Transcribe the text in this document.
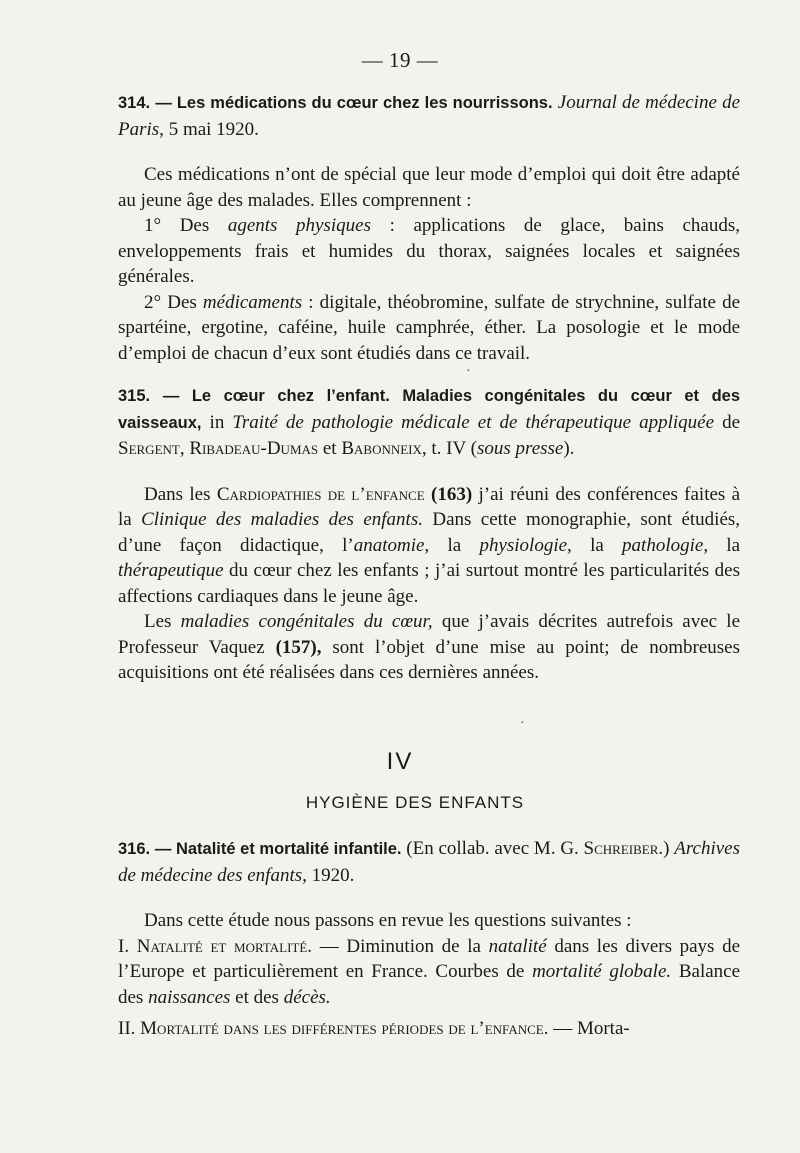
— 19 —

314. — Les médications du cœur chez les nourrissons. Journal de médecine de Paris, 5 mai 1920.

Ces médications n’ont de spécial que leur mode d’emploi qui doit être adapté au jeune âge des malades. Elles comprennent :

1° Des agents physiques : applications de glace, bains chauds, enveloppements frais et humides du thorax, saignées locales et saignées générales.

2° Des médicaments : digitale, théobromine, sulfate de strychnine, sulfate de spartéine, ergotine, caféine, huile camphrée, éther. La posologie et le mode d’emploi de chacun d’eux sont étudiés dans ce travail.

·

315. — Le cœur chez l’enfant. Maladies congénitales du cœur et des vaisseaux, in Traité de pathologie médicale et de thérapeutique appliquée de Sergent, Ribadeau-Dumas et Babonneix, t. IV (sous presse).

Dans les Cardiopathies de l’enfance (163) j’ai réuni des conférences faites à la Clinique des maladies des enfants. Dans cette monographie, sont étudiés, d’une façon didactique, l’anatomie, la physiologie, la pathologie, la thérapeutique du cœur chez les enfants ; j’ai surtout montré les particularités des affections cardiaques dans le jeune âge.

Les maladies congénitales du cœur, que j’avais décrites autrefois avec le Professeur Vaquez (157), sont l’objet d’une mise au point; de nombreuses acquisitions ont été réalisées dans ces dernières années.

·
IV
HYGIÈNE DES ENFANTS

316. — Natalité et mortalité infantile. (En collab. avec M. G. Schreiber.) Archives de médecine des enfants, 1920.

Dans cette étude nous passons en revue les questions suivantes :

I. Natalité et mortalité. — Diminution de la natalité dans les divers pays de l’Europe et particulièrement en France. Courbes de mortalité globale. Balance des naissances et des décès.

II. Mortalité dans les différentes périodes de l’enfance. — Morta-
